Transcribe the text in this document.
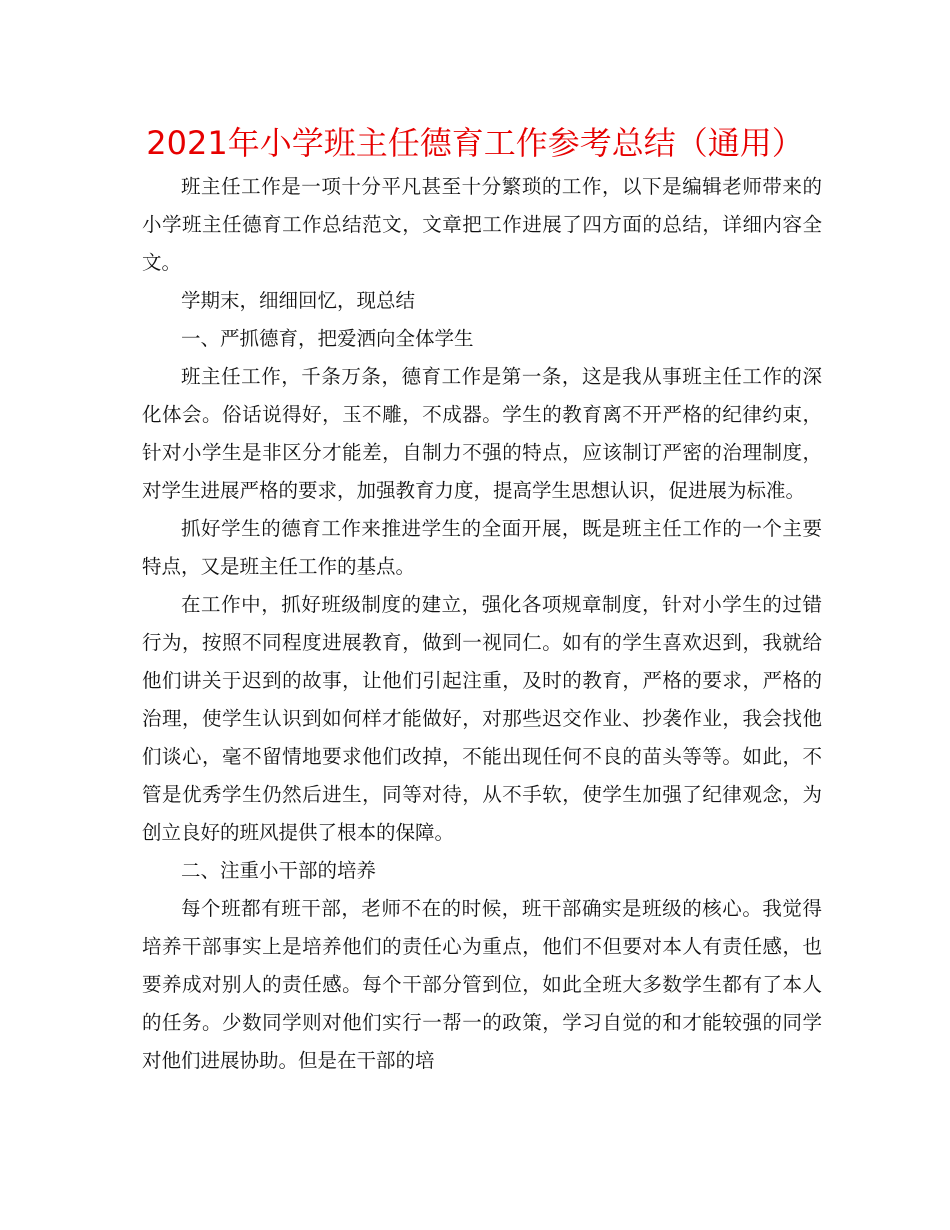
2021年小学班主任德育工作参考总结（通用）

班主任工作是一项十分平凡甚至十分繁琐的工作，以下是编辑老师带来的小学班主任德育工作总结范文，文章把工作进展了四方面的总结，详细内容全文。

学期末，细细回忆，现总结

一、严抓德育，把爱洒向全体学生

班主任工作，千条万条，德育工作是第一条，这是我从事班主任工作的深化体会。俗话说得好，玉不雕，不成器。学生的教育离不开严格的纪律约束，针对小学生是非区分才能差，自制力不强的特点，应该制订严密的治理制度，对学生进展严格的要求，加强教育力度，提高学生思想认识，促进展为标准。

抓好学生的德育工作来推进学生的全面开展，既是班主任工作的一个主要特点，又是班主任工作的基点。

在工作中，抓好班级制度的建立，强化各项规章制度，针对小学生的过错行为，按照不同程度进展教育，做到一视同仁。如有的学生喜欢迟到，我就给他们讲关于迟到的故事，让他们引起注重，及时的教育，严格的要求，严格的治理，使学生认识到如何样才能做好，对那些迟交作业、抄袭作业，我会找他们谈心，毫不留情地要求他们改掉，不能出现任何不良的苗头等等。如此，不管是优秀学生仍然后进生，同等对待，从不手软，使学生加强了纪律观念，为创立良好的班风提供了根本的保障。

二、注重小干部的培养

每个班都有班干部，老师不在的时候，班干部确实是班级的核心。我觉得培养干部事实上是培养他们的责任心为重点，他们不但要对本人有责任感，也要养成对别人的责任感。每个干部分管到位，如此全班大多数学生都有了本人的任务。少数同学则对他们实行一帮一的政策，学习自觉的和才能较强的同学对他们进展协助。但是在干部的培
